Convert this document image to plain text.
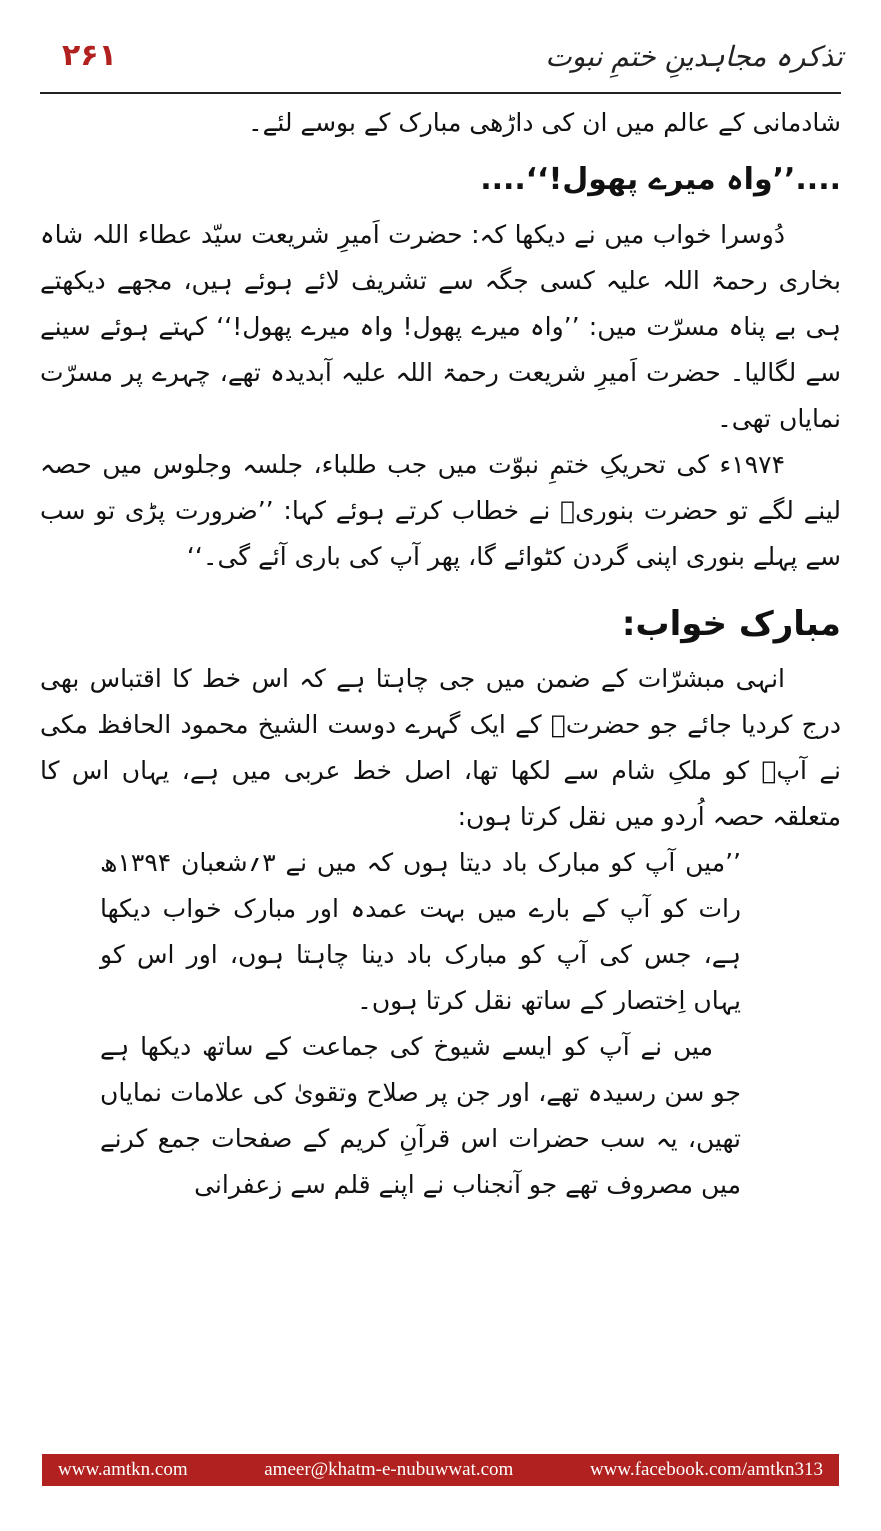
۲۶۱	تذکرہ مجاہدینِ ختمِ نبوت

شادمانی کے عالم میں ان کی داڑھی مبارک کے بوسے لئے۔

....’’واہ میرے پھول!‘‘....

دُوسرا خواب میں نے دیکھا کہ: حضرت اَمیرِ شریعت سیّد عطاء اللہ شاہ بخاری رحمۃ اللہ علیہ کسی جگہ سے تشریف لائے ہوئے ہیں، مجھے دیکھتے ہی بے پناہ مسرّت میں: ’’واہ میرے پھول! واہ میرے پھول!‘‘ کہتے ہوئے سینے سے لگالیا۔ حضرت اَمیرِ شریعت رحمۃ اللہ علیہ آبدیدہ تھے، چہرے پر مسرّت نمایاں تھی۔

۱۹۷۴ء کی تحریکِ ختمِ نبوّت میں جب طلباء، جلسہ وجلوس میں حصہ لینے لگے تو حضرت بنوریؒ نے خطاب کرتے ہوئے کہا: ’’ضرورت پڑی تو سب سے پہلے بنوری اپنی گردن کٹوائے گا، پھر آپ کی باری آئے گی۔‘‘

مبارک خواب:

انہی مبشرّات کے ضمن میں جی چاہتا ہے کہ اس خط کا اقتباس بھی درج کردیا جائے جو حضرتؒ کے ایک گہرے دوست الشیخ محمود الحافظ مکی نے آپؒ کو ملکِ شام سے لکھا تھا، اصل خط عربی میں ہے، یہاں اس کا متعلقہ حصہ اُردو میں نقل کرتا ہوں:

’’میں آپ کو مبارک باد دیتا ہوں کہ میں نے ۳؍شعبان ۱۳۹۴ھ رات کو آپ کے بارے میں بہت عمدہ اور مبارک خواب دیکھا ہے، جس کی آپ کو مبارک باد دینا چاہتا ہوں، اور اس کو یہاں اِختصار کے ساتھ نقل کرتا ہوں۔

میں نے آپ کو ایسے شیوخ کی جماعت کے ساتھ دیکھا ہے جو سن رسیدہ تھے، اور جن پر صلاح وتقویٰ کی علامات نمایاں تھیں، یہ سب حضرات اس قرآنِ کریم کے صفحات جمع کرنے میں مصروف تھے جو آنجناب نے اپنے قلم سے زعفرانی

www.amtkn.com	ameer@khatm-e-nubuwwat.com	www.facebook.com/amtkn313
